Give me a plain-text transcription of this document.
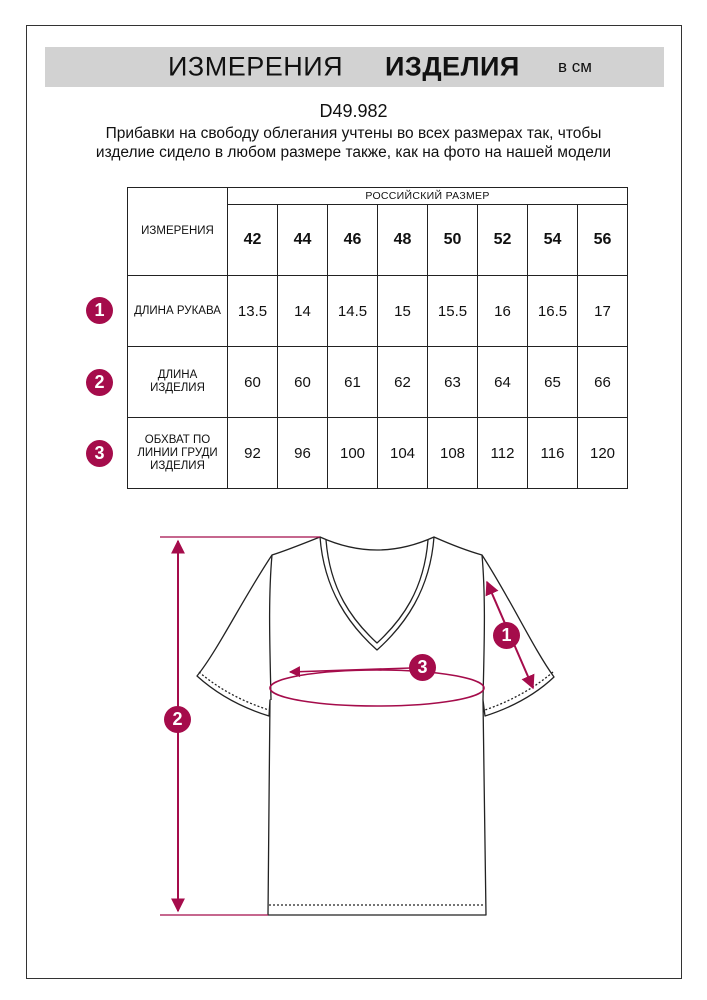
ИЗМЕРЕНИЯ ИЗДЕЛИЯ в см
D49.982
Прибавки на свободу облегания учтены во всех размерах так, чтобы изделие сидело в любом размере также, как на фото на нашей модели
ИЗМЕРЕНИЯ	РОССИЙСКИЙ РАЗМЕР							
	42	44	46	48	50	52	54	56
ДЛИНА РУКАВА	13.5	14	14.5	15	15.5	16	16.5	17
ДЛИНА
ИЗДЕЛИЯ	60	60	61	62	63	64	65	66
ОБХВАТ ПО
ЛИНИИ ГРУДИ
ИЗДЕЛИЯ	92	96	100	104	108	112	116	120
1
2
3
2
1
3
